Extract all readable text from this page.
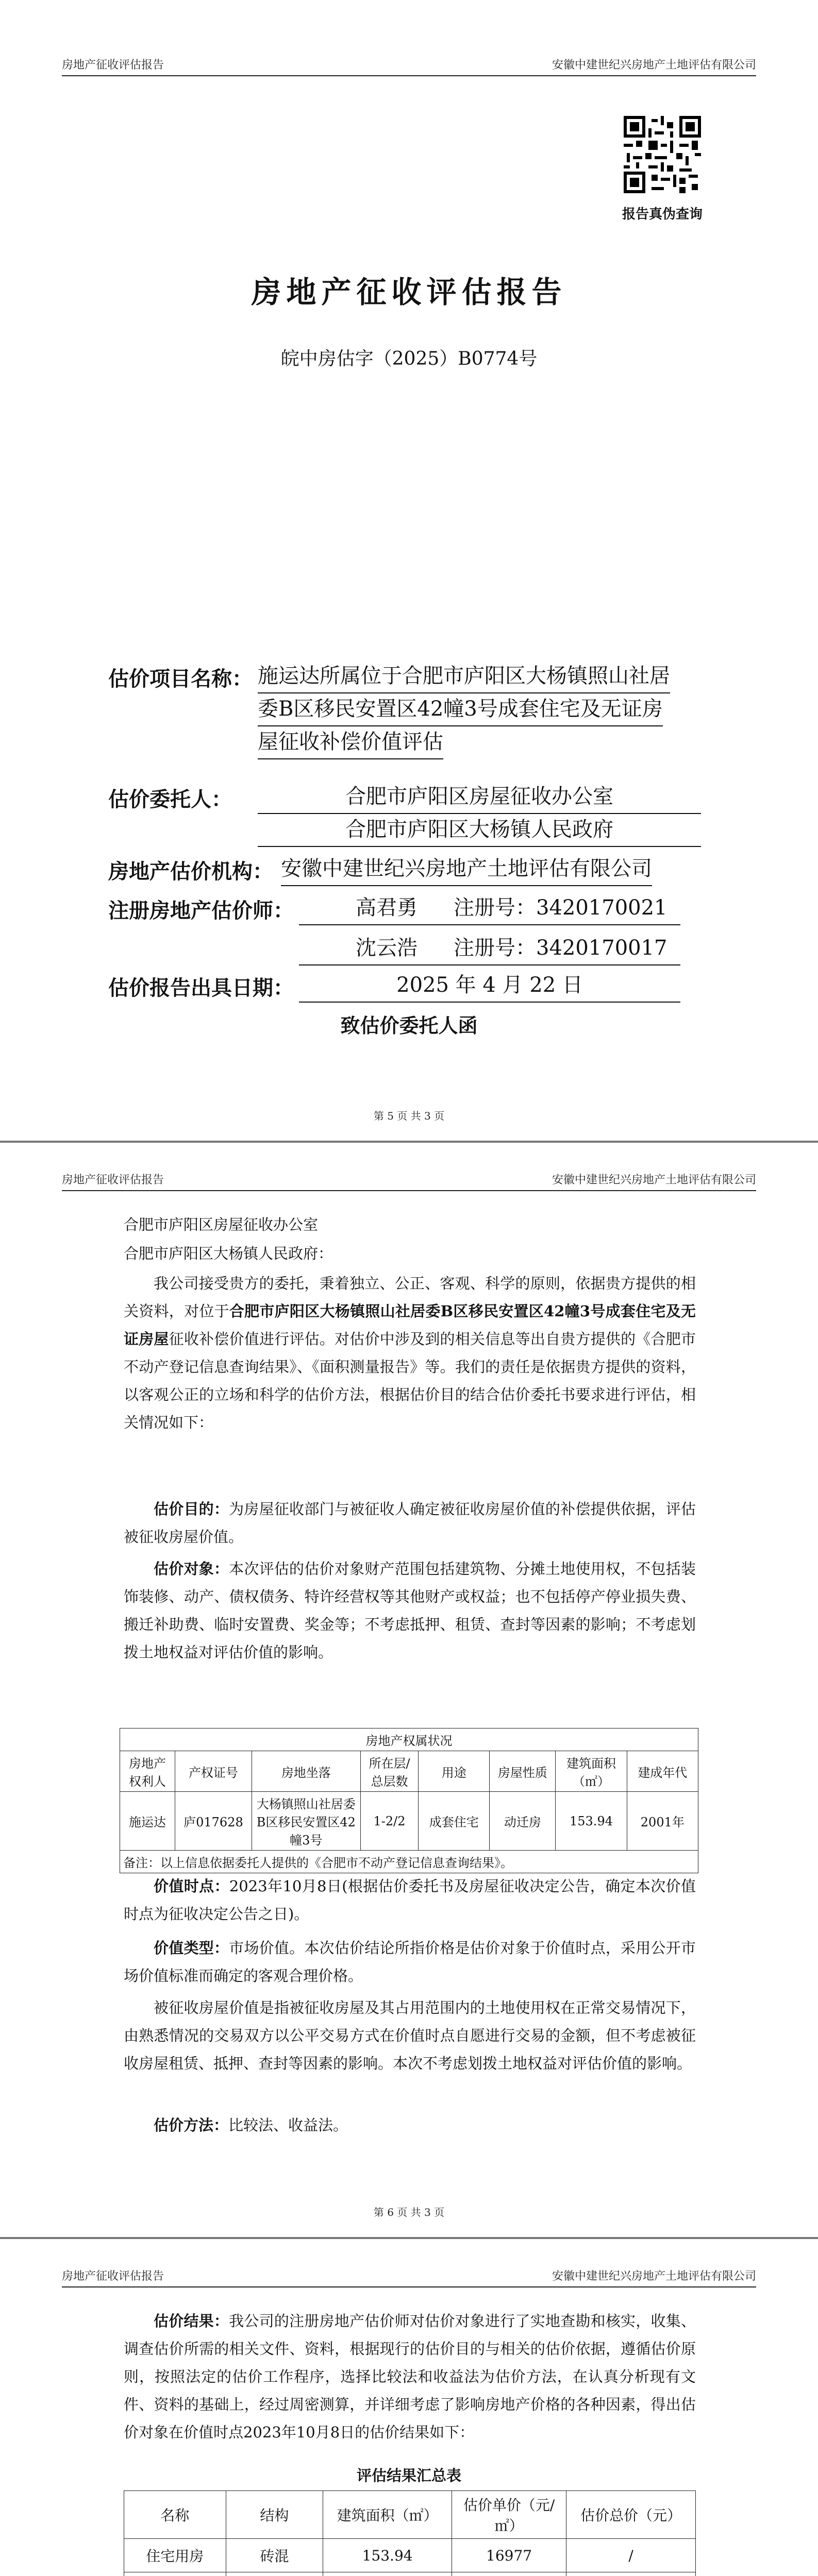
房地产征收评估报告	安徽中建世纪兴房地产土地评估有限公司
报告真伪查询
房地产征收评估报告
皖中房估字（2025）B0774号
估价项目名称： 施运达所属位于合肥市庐阳区大杨镇照山社居
委B区移民安置区42幢3号成套住宅及无证房
屋征收补偿价值评估
估价委托人：	合肥市庐阳区房屋征收办公室
合肥市庐阳区大杨镇人民政府
房地产估价机构： 安徽中建世纪兴房地产土地评估有限公司
注册房地产估价师：	高君勇 注册号：3420170021
沈云浩 注册号：3420170017
估价报告出具日期：	2025 年 4 月 22 日
致估价委托人函
第 5 页 共 3 页
房地产征收评估报告	安徽中建世纪兴房地产土地评估有限公司
合肥市庐阳区房屋征收办公室
合肥市庐阳区大杨镇人民政府：
我公司接受贵方的委托，秉着独立、公正、客观、科学的原则，依据贵方提供的相关资料，对位于合肥市庐阳区大杨镇照山社居委B区移民安置区42幢3号成套住宅及无证房屋征收补偿价值进行评估。对估价中涉及到的相关信息等出自贵方提供的《合肥市不动产登记信息查询结果》、《面积测量报告》等。我们的责任是依据贵方提供的资料，以客观公正的立场和科学的估价方法，根据估价目的结合估价委托书要求进行评估，相关情况如下：
估价目的：为房屋征收部门与被征收人确定被征收房屋价值的补偿提供依据，评估被征收房屋价值。
估价对象：本次评估的估价对象财产范围包括建筑物、分摊土地使用权，不包括装饰装修、动产、债权债务、特许经营权等其他财产或权益；也不包括停产停业损失费、搬迁补助费、临时安置费、奖金等；不考虑抵押、租赁、查封等因素的影响；不考虑划拨土地权益对评估价值的影响。
房地产权属状况							
房地产权利人	产权证号	房地坐落	所在层/总层数	用途	房屋性质	建筑面积（㎡）	建成年代
施运达	庐017628	大杨镇照山社居委B区移民安置区42幢3号	1-2/2	成套住宅	动迁房	153.94	2001年
备注：以上信息依据委托人提供的《合肥市不动产登记信息查询结果》。							
价值时点：2023年10月8日(根据估价委托书及房屋征收决定公告，确定本次价值时点为征收决定公告之日)。
价值类型：市场价值。本次估价结论所指价格是估价对象于价值时点，采用公开市场价值标准而确定的客观合理价格。
被征收房屋价值是指被征收房屋及其占用范围内的土地使用权在正常交易情况下，由熟悉情况的交易双方以公平交易方式在价值时点自愿进行交易的金额，但不考虑被征收房屋租赁、抵押、查封等因素的影响。本次不考虑划拨土地权益对评估价值的影响。
估价方法：比较法、收益法。
第 6 页 共 3 页
房地产征收评估报告	安徽中建世纪兴房地产土地评估有限公司
估价结果：我公司的注册房地产估价师对估价对象进行了实地查勘和核实，收集、调查估价所需的相关文件、资料，根据现行的估价目的与相关的估价依据，遵循估价原则，按照法定的估价工作程序，选择比较法和收益法为估价方法，在认真分析现有文件、资料的基础上，经过周密测算，并详细考虑了影响房地产价格的各种因素，得出估价对象在价值时点2023年10月8日的估价结果如下：
评估结果汇总表
名称	结构	建筑面积（㎡）	估价单价（元/㎡）	估价总价（元）
住宅用房	砖混	153.94	16977	/
